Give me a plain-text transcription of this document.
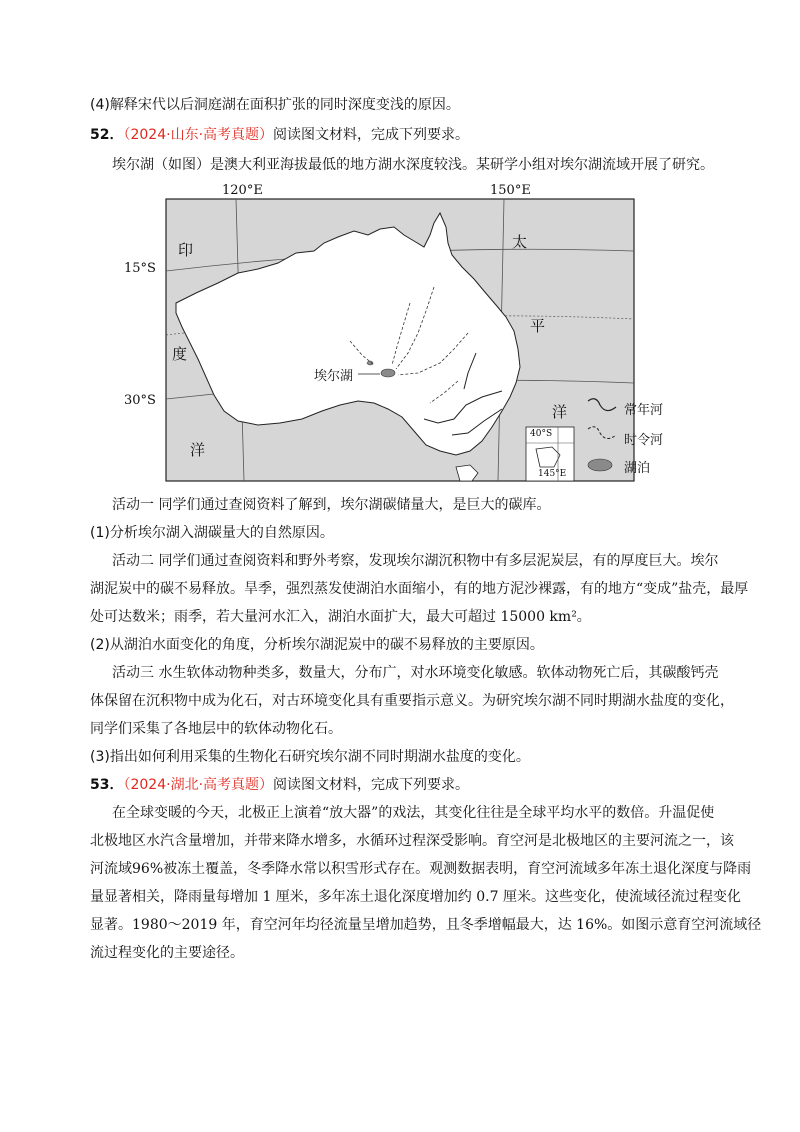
(4)解释宋代以后洞庭湖在面积扩张的同时深度变浅的原因。
52．（2024·山东·高考真题）阅读图文材料，完成下列要求。
埃尔湖（如图）是澳大利亚海拔最低的地方湖水深度较浅。某研学小组对埃尔湖流域开展了研究。
120°E	150°E
15°S
30°S
印
度
洋
太
平
洋
埃尔湖
40°S
145°E
常年河
时令河
湖泊
活动一 同学们通过查阅资料了解到，埃尔湖碳储量大，是巨大的碳库。
(1)分析埃尔湖入湖碳量大的自然原因。
活动二 同学们通过查阅资料和野外考察，发现埃尔湖沉积物中有多层泥炭层，有的厚度巨大。埃尔
湖泥炭中的碳不易释放。旱季，强烈蒸发使湖泊水面缩小，有的地方泥沙裸露，有的地方“变成”盐壳，最厚
处可达数米；雨季，若大量河水汇入，湖泊水面扩大，最大可超过 15000 km²。
(2)从湖泊水面变化的角度，分析埃尔湖泥炭中的碳不易释放的主要原因。
活动三 水生软体动物种类多，数量大，分布广，对水环境变化敏感。软体动物死亡后，其碳酸钙壳
体保留在沉积物中成为化石，对古环境变化具有重要指示意义。为研究埃尔湖不同时期湖水盐度的变化，
同学们采集了各地层中的软体动物化石。
(3)指出如何利用采集的生物化石研究埃尔湖不同时期湖水盐度的变化。
53．（2024·湖北·高考真题）阅读图文材料，完成下列要求。
在全球变暖的今天，北极正上演着“放大器”的戏法，其变化往往是全球平均水平的数倍。升温促使
北极地区水汽含量增加，并带来降水增多，水循环过程深受影响。育空河是北极地区的主要河流之一，该
河流域96%被冻土覆盖，冬季降水常以积雪形式存在。观测数据表明，育空河流域多年冻土退化深度与降雨
量显著相关，降雨量每增加 1 厘米，多年冻土退化深度增加约 0.7 厘米。这些变化，使流域径流过程变化
显著。1980～2019 年，育空河年均径流量呈增加趋势，且冬季增幅最大，达 16%。如图示意育空河流域径
流过程变化的主要途径。
